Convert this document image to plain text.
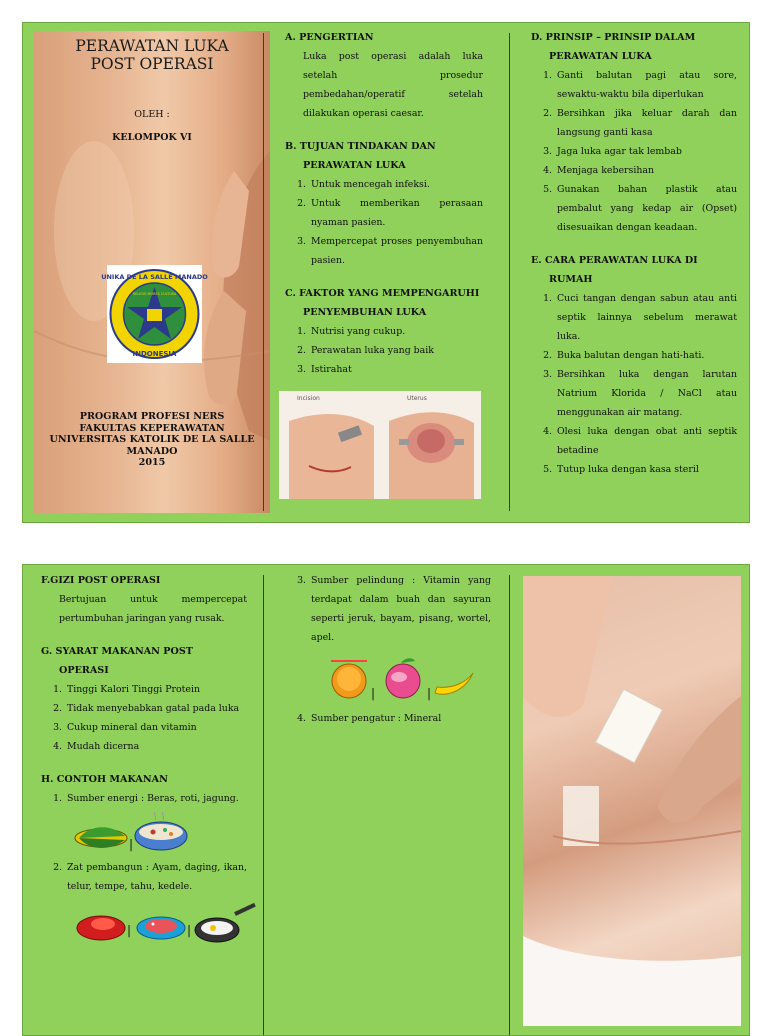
PERAWATAN LUKA
POST OPERASI
OLEH :
KELOMPOK VI
UNIKA DE LA SALLE MANADO
INDONESIA
RELIGIO MORES CULTURA
PROGRAM PROFESI NERS
FAKULTAS KEPERAWATAN
UNIVERSITAS KATOLIK DE LA SALLE
MANADO
2015
A. PENGERTIAN

Luka post operasi adalah luka setelah prosedur pembedahan/operatif setelah dilakukan operasi caesar.

B. TUJUAN TINDAKAN DAN
PERAWATAN LUKA
1. Untuk mencegah infeksi.
2. Untuk memberikan perasaan nyaman pasien.
3. Mempercepat proses penyembuhan pasien.
C. FAKTOR YANG MEMPENGARUHI
PENYEMBUHAN LUKA
1. Nutrisi yang cukup.
2. Perawatan luka yang baik
3. Istirahat
Incision	Uterus
D. PRINSIP – PRINSIP DALAM
PERAWATAN LUKA
1. Ganti balutan pagi atau sore, sewaktu-waktu bila diperlukan
2. Bersihkan jika keluar darah dan langsung ganti kasa
3. Jaga luka agar tak lembab
4. Menjaga kebersihan
5. Gunakan bahan plastik atau pembalut yang kedap air (Opset) disesuaikan dengan keadaan.
E. CARA PERAWATAN LUKA DI
RUMAH
1. Cuci tangan dengan sabun atau anti septik lainnya sebelum merawat luka.
2. Buka balutan dengan hati-hati.
3. Bersihkan luka dengan larutan Natrium Klorida / NaCl atau menggunakan air matang.
4. Olesi luka dengan obat anti septik betadine
5. Tutup luka dengan kasa steril
F.GIZI POST OPERASI

Bertujuan untuk mempercepat pertumbuhan jaringan yang rusak.

G. SYARAT MAKANAN POST
OPERASI
1. Tinggi Kalori Tinggi Protein
2. Tidak menyebabkan gatal pada luka
3. Cukup mineral dan vitamin
4. Mudah dicerna
H. CONTOH MAKANAN
1. Sumber energi : Beras, roti, jagung.
|
2. Zat pembangun : Ayam, daging, ikan, telur, tempe, tahu, kedele.
|	|
3. Sumber pelindung : Vitamin yang terdapat dalam buah dan sayuran seperti jeruk, bayam, pisang, wortel, apel.
|	|
4. Sumber pengatur : Mineral
